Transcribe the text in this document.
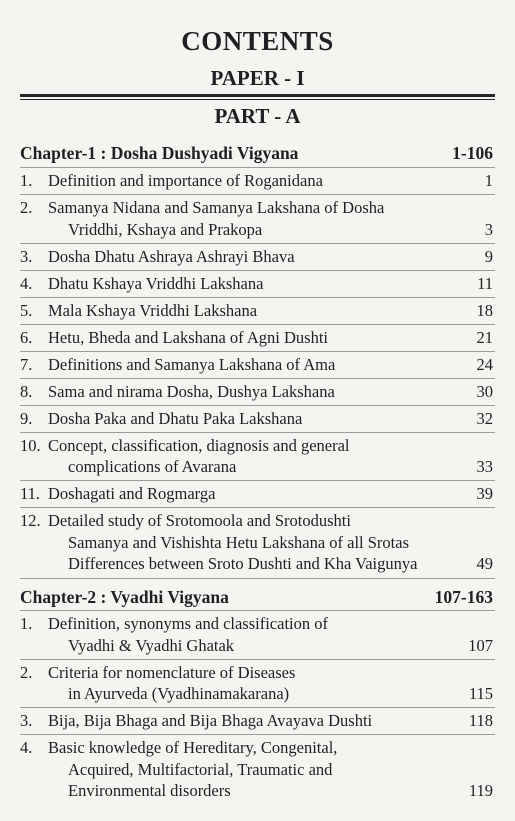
CONTENTS
PAPER - I
PART - A
Chapter-1 : Dosha Dushyadi Vigyana	1-106
1. Definition and importance of Roganidana	1
2. Samanya Nidana and Samanya Lakshana of Dosha
Vriddhi, Kshaya and Prakopa	3
3. Dosha Dhatu Ashraya Ashrayi Bhava	9
4. Dhatu Kshaya Vriddhi Lakshana	11
5. Mala Kshaya Vriddhi Lakshana	18
6. Hetu, Bheda and Lakshana of Agni Dushti	21
7. Definitions and Samanya Lakshana of Ama	24
8. Sama and nirama Dosha, Dushya Lakshana	30
9. Dosha Paka and Dhatu Paka Lakshana	32
10. Concept, classification, diagnosis and general
complications of Avarana	33
11. Doshagati and Rogmarga	39
12. Detailed study of Srotomoola and Srotodushti
Samanya and Vishishta Hetu Lakshana of all Srotas
Differences between Sroto Dushti and Kha Vaigunya	49
Chapter-2 : Vyadhi Vigyana	107-163
1. Definition, synonyms and classification of
Vyadhi & Vyadhi Ghatak	107
2. Criteria for nomenclature of Diseases
in Ayurveda (Vyadhinamakarana)	115
3. Bija, Bija Bhaga and Bija Bhaga Avayava Dushti	118
4. Basic knowledge of Hereditary, Congenital,
Acquired, Multifactorial, Traumatic and
Environmental disorders	119
